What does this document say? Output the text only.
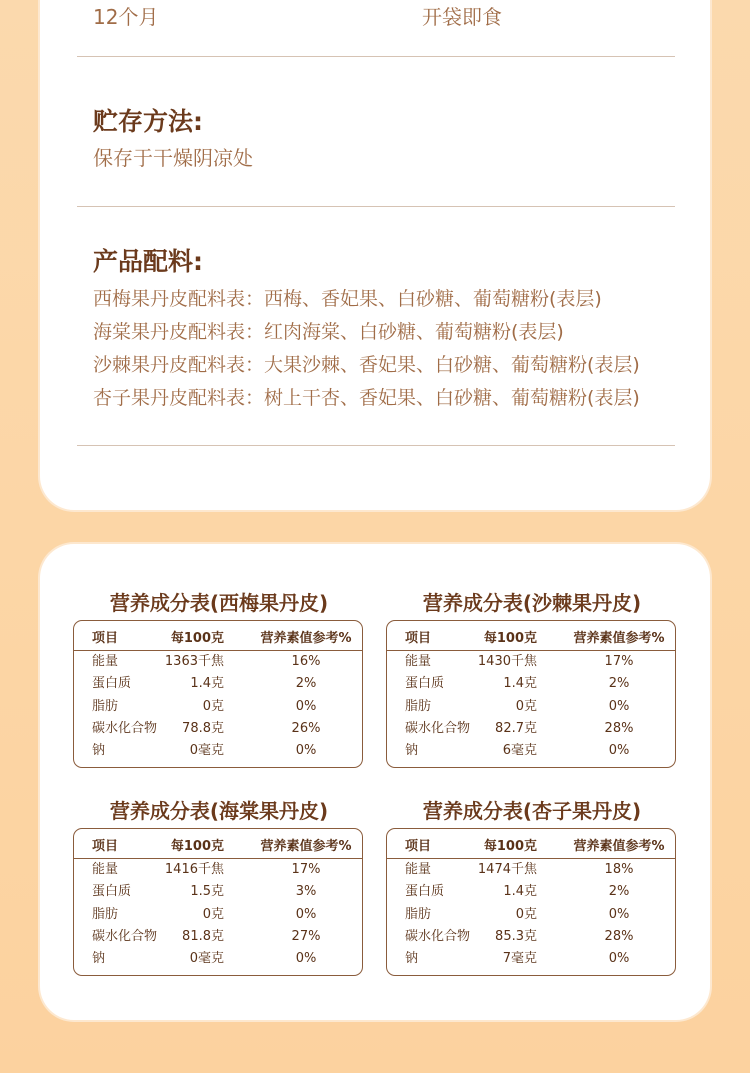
12个月	开袋即食
贮存方法:
保存于干燥阴凉处
产品配料:
西梅果丹皮配料表：西梅、香妃果、白砂糖、葡萄糖粉(表层)
海棠果丹皮配料表：红肉海棠、白砂糖、葡萄糖粉(表层)
沙棘果丹皮配料表：大果沙棘、香妃果、白砂糖、葡萄糖粉(表层)
杏子果丹皮配料表：树上干杏、香妃果、白砂糖、葡萄糖粉(表层)
营养成分表(西梅果丹皮)
项目	每100克	营养素值参考%
能量	1363千焦	16%
蛋白质	1.4克	2%
脂肪	0克	0%
碳水化合物 78.8克	26%
钠	0毫克	0%
营养成分表(沙棘果丹皮)
项目	每100克	营养素值参考%
能量	1430千焦	17%
蛋白质	1.4克	2%
脂肪	0克	0%
碳水化合物 82.7克	28%
钠	6毫克	0%
营养成分表(海棠果丹皮)
项目	每100克	营养素值参考%
能量	1416千焦	17%
蛋白质	1.5克	3%
脂肪	0克	0%
碳水化合物 81.8克	27%
钠	0毫克	0%
营养成分表(杏子果丹皮)
项目	每100克	营养素值参考%
能量	1474千焦	18%
蛋白质	1.4克	2%
脂肪	0克	0%
碳水化合物 85.3克	28%
钠	7毫克	0%
